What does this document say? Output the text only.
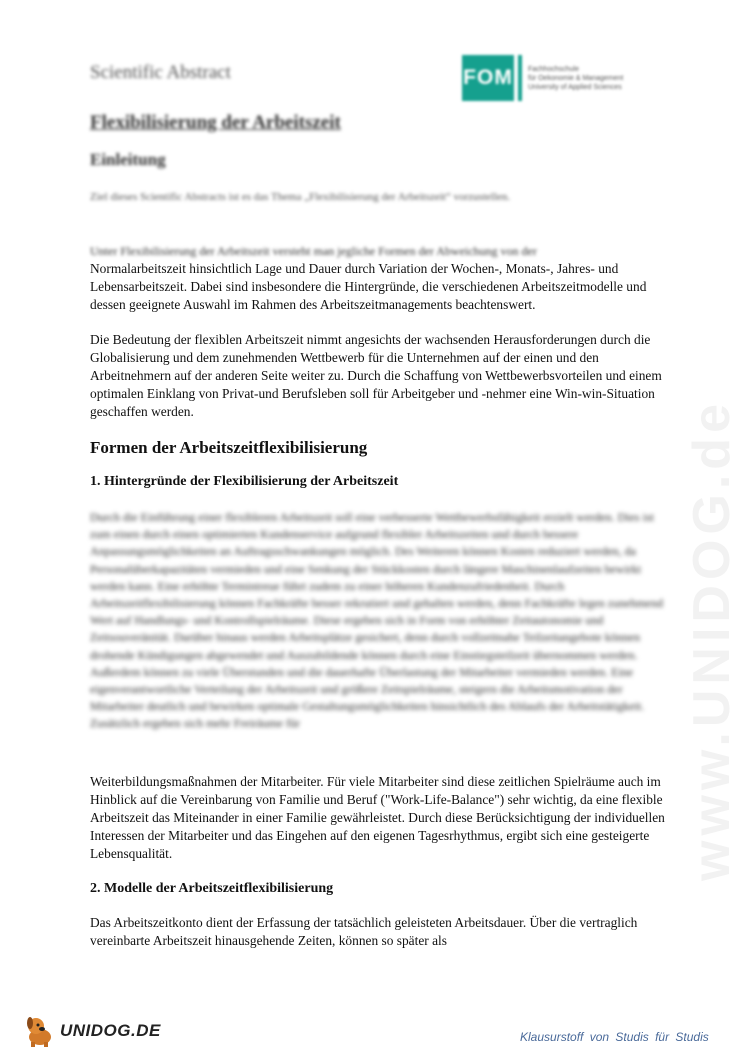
Scientific Abstract	FOM Fachhochschule
für Oekonomie & Management
University of Applied Sciences
Flexibilisierung der Arbeitszeit
Einleitung
Ziel dieses Scientific Abstracts ist es das Thema „Flexibilisierung der Arbeitszeit“ vorzustellen.

Unter Flexibilisierung der Arbeitszeit versteht man jegliche Formen der Abweichung von der

Normalarbeitszeit hinsichtlich Lage und Dauer durch Variation der Wochen-, Monats-, Jahres- und Lebensarbeitszeit. Dabei sind insbesondere die Hintergründe, die verschiedenen Arbeitszeitmodelle und dessen geeignete Auswahl im Rahmen des Arbeitszeitmanagements beachtenswert.

Die Bedeutung der flexiblen Arbeitszeit nimmt angesichts der wachsenden Herausforderungen durch die Globalisierung und dem zunehmenden Wettbewerb für die Unternehmen auf der einen und den Arbeitnehmern auf der anderen Seite weiter zu. Durch die Schaffung von Wettbewerbsvorteilen und einem optimalen Einklang von Privat-und Berufsleben soll für Arbeitgeber und -nehmer eine Win-win-Situation geschaffen werden.

Formen der Arbeitszeitflexibilisierung
1. Hintergründe der Flexibilisierung der Arbeitszeit

Durch die Einführung einer flexibleren Arbeitszeit soll eine verbesserte Wettbewerbsfähigkeit erzielt werden. Dies ist zum einen durch einen optimierten Kundenservice aufgrund flexibler Arbeitszeiten und durch bessere Anpassungsmöglichkeiten an Auftragsschwankungen möglich. Des Weiteren können Kosten reduziert werden, da Personalüberkapazitäten vermieden und eine Senkung der Stückkosten durch längere Maschinenlaufzeiten bewirkt werden kann. Eine erhöhte Termintreue führt zudem zu einer höheren Kundenzufriedenheit. Durch Arbeitszeitflexibilisierung können Fachkräfte besser rekrutiert und gehalten werden, denn Fachkräfte legen zunehmend Wert auf Handlungs- und Kontrollspielräume. Diese ergeben sich in Form von erhöhter Zeitautonomie und Zeitsouveränität. Darüber hinaus werden Arbeitsplätze gesichert, denn durch vollzeitnahe Teilzeitangebote können drohende Kündigungen abgewendet und Auszubildende können durch eine Einstiegsteilzeit übernommen werden. Außerdem können zu viele Überstunden und die dauerhafte Überlastung der Mitarbeiter vermieden werden. Eine eigenverantwortliche Verteilung der Arbeitszeit und größere Zeitspielräume, steigern die Arbeitsmotivation der Mitarbeiter deutlich und bewirken optimale Gestaltungsmöglichkeiten hinsichtlich des Ablaufs der Arbeitstätigkeit. Zusätzlich ergeben sich mehr Freiräume für

Weiterbildungsmaßnahmen der Mitarbeiter. Für viele Mitarbeiter sind diese zeitlichen Spielräume auch im Hinblick auf die Vereinbarung von Familie und Beruf ("Work-Life-Balance") sehr wichtig, da eine flexible Arbeitszeit das Miteinander in einer Familie gewährleistet. Durch diese Berücksichtigung der individuellen Interessen der Mitarbeiter und das Eingehen auf den eigenen Tagesrhythmus, ergibt sich eine gesteigerte Lebensqualität.

2. Modelle der Arbeitszeitflexibilisierung

Das Arbeitszeitkonto dient der Erfassung der tatsächlich geleisteten Arbeitsdauer. Über die vertraglich vereinbarte Arbeitszeit hinausgehende Zeiten, können so später als

www.UNIDOG.de
UNIDOG.DE	Klausurstoff von Studis für Studis
